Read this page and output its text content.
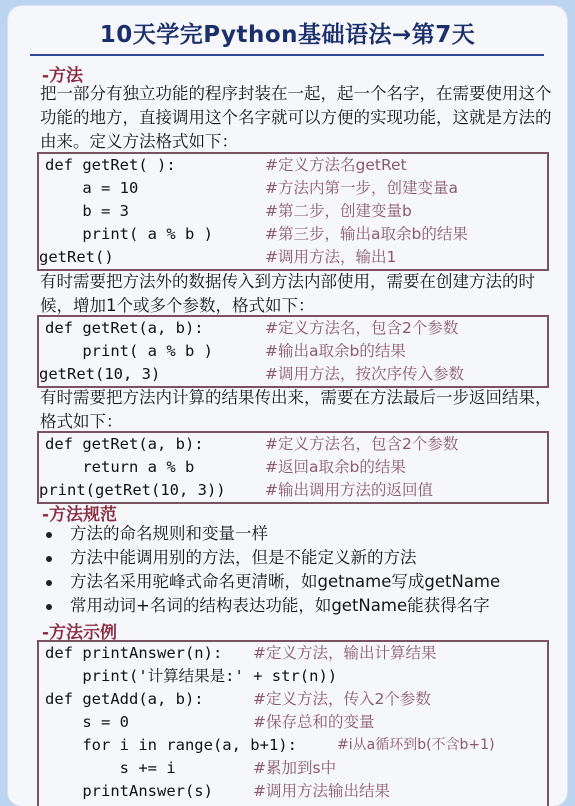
10天学完Python基础语法→第7天
-方法
把一部分有独立功能的程序封装在一起，起一个名字，在需要使用这个功能的地方，直接调用这个名字就可以方便的实现功能，这就是方法的由来。定义方法格式如下：
def getRet( ):	#定义方法名getRet
a = 10	#方法内第一步，创建变量a
b = 3	#第二步，创建变量b
print( a % b )	#第三步，输出a取余b的结果
getRet()	#调用方法，输出1
有时需要把方法外的数据传入到方法内部使用，需要在创建方法的时候，增加1个或多个参数，格式如下：
def getRet(a, b):	#定义方法名，包含2个参数
print( a % b )	#输出a取余b的结果
getRet(10, 3)	#调用方法，按次序传入参数
有时需要把方法内计算的结果传出来，需要在方法最后一步返回结果，格式如下：
def getRet(a, b):	#定义方法名，包含2个参数
return a % b	#返回a取余b的结果
print(getRet(10, 3))	#输出调用方法的返回值
-方法规范
方法的命名规则和变量一样
方法中能调用别的方法，但是不能定义新的方法
方法名采用驼峰式命名更清晰，如getname写成getName
常用动词+名词的结构表达功能，如getName能获得名字
-方法示例
def printAnswer(n): #定义方法，输出计算结果
print('计算结果是:' + str(n))
def getAdd(a, b):	#定义方法，传入2个参数
s = 0	#保存总和的变量
for i in range(a, b+1):	#i从a循环到b(不含b+1)
s += i	#累加到s中
printAnswer(s)	#调用方法输出结果
